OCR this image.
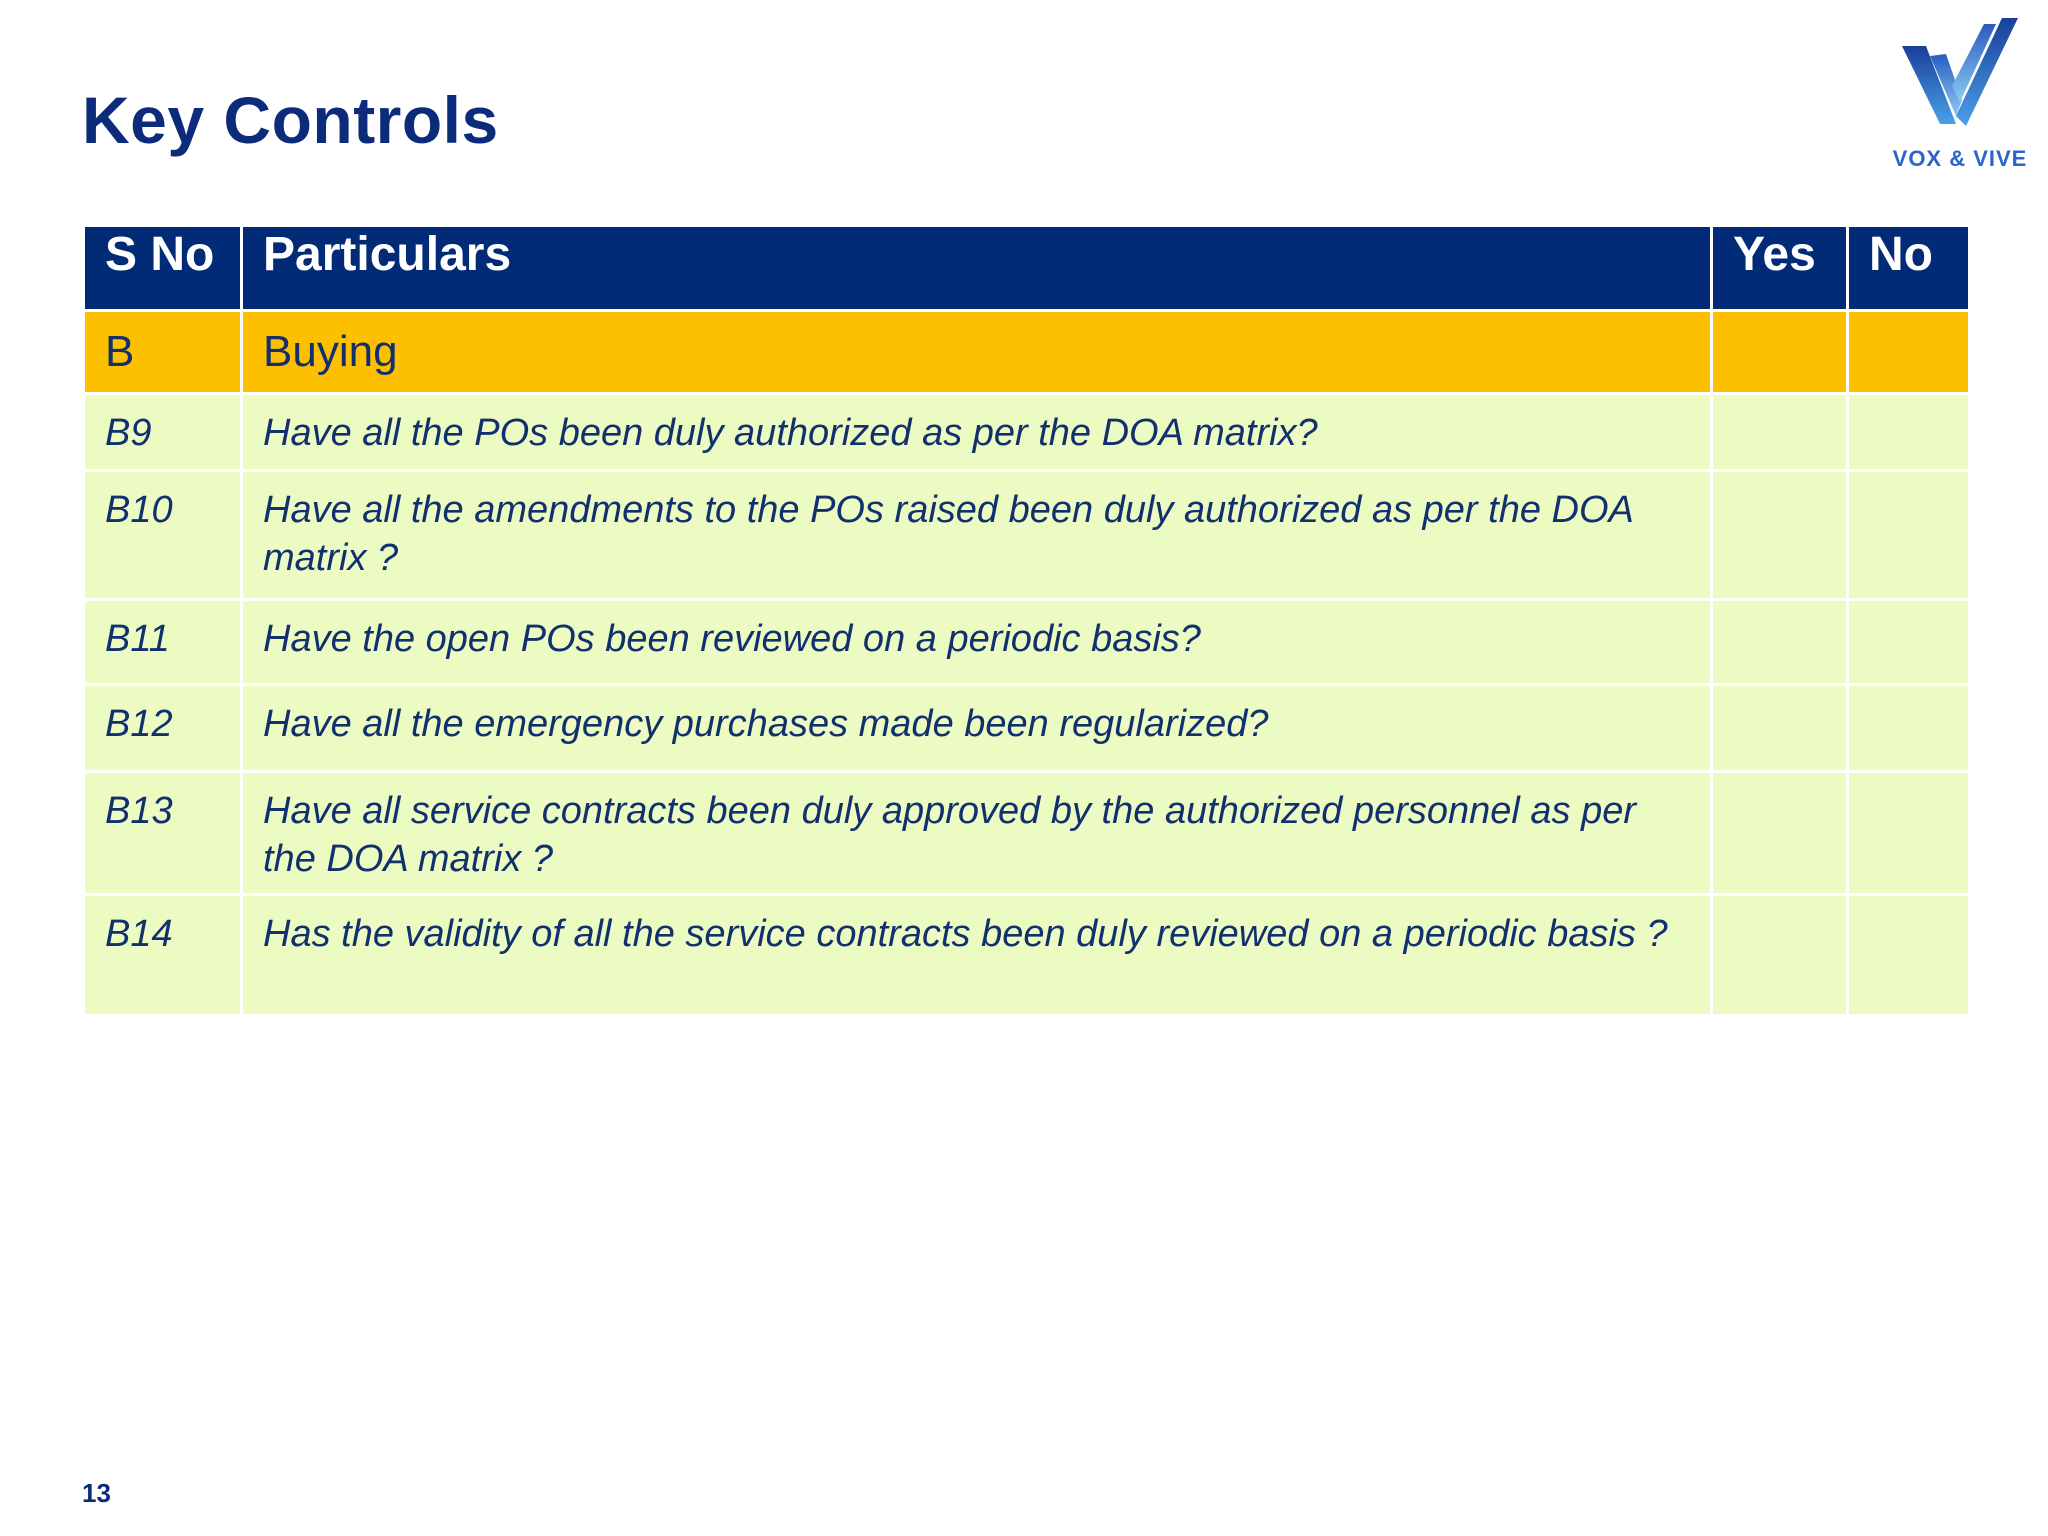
Key Controls
VOX & VIVE
S No	Particulars	Yes	No
B	Buying		
B9	Have all the POs been duly authorized as per the DOA matrix?		
B10	Have all the amendments to the POs raised been duly authorized as per the DOA matrix ?		
B11	Have the open POs been reviewed on a periodic basis?		
B12	Have all the emergency purchases made been regularized?		
B13	Have all service contracts been duly approved by the authorized personnel as per the DOA matrix ?		
B14	Has the validity of all the service contracts been duly reviewed on a periodic basis ?		
13
